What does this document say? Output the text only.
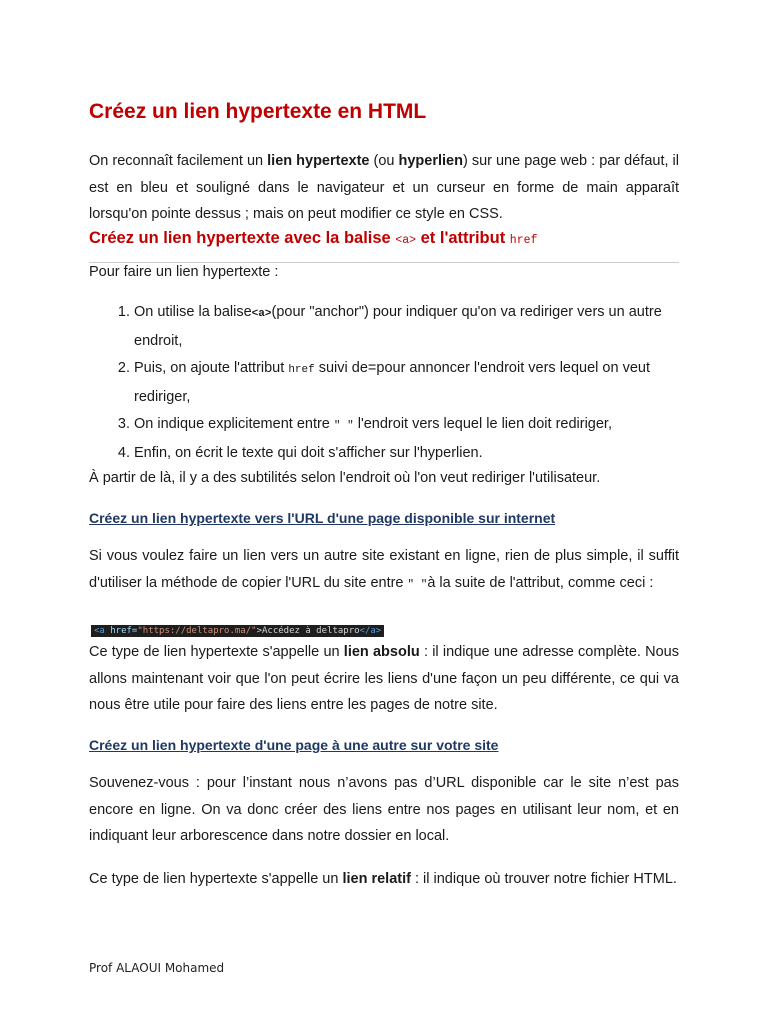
Créez un lien hypertexte en HTML

On reconnaît facilement un lien hypertexte (ou hyperlien) sur une page web : par défaut, il est en bleu et souligné dans le navigateur et un curseur en forme de main apparaît lorsqu'on pointe dessus ; mais on peut modifier ce style en CSS.

Créez un lien hypertexte avec la balise <a> et l'attribut href

Pour faire un lien hypertexte :

1. On utilise la balise<a>(pour "anchor") pour indiquer qu'on va rediriger vers un autre endroit,
2. Puis, on ajoute l'attribut href suivi de=pour annoncer l'endroit vers lequel on veut rediriger,
3. On indique explicitement entre " " l'endroit vers lequel le lien doit rediriger,
4. Enfin, on écrit le texte qui doit s'afficher sur l'hyperlien.

À partir de là, il y a des subtilités selon l'endroit où l'on veut rediriger l'utilisateur.

Créez un lien hypertexte vers l'URL d'une page disponible sur internet

Si vous voulez faire un lien vers un autre site existant en ligne, rien de plus simple, il suffit d'utiliser la méthode de copier l'URL du site entre " "à la suite de l'attribut, comme ceci :

<a href="https://deltapro.ma/">Accédez à deltapro</a>

Ce type de lien hypertexte s'appelle un lien absolu : il indique une adresse complète. Nous allons maintenant voir que l'on peut écrire les liens d'une façon un peu différente, ce qui va nous être utile pour faire des liens entre les pages de notre site.

Créez un lien hypertexte d'une page à une autre sur votre site

Souvenez-vous : pour l’instant nous n’avons pas d’URL disponible car le site n’est pas encore en ligne. On va donc créer des liens entre nos pages en utilisant leur nom, et en indiquant leur arborescence dans notre dossier en local.

Ce type de lien hypertexte s'appelle un lien relatif : il indique où trouver notre fichier HTML.

Prof ALAOUI Mohamed
